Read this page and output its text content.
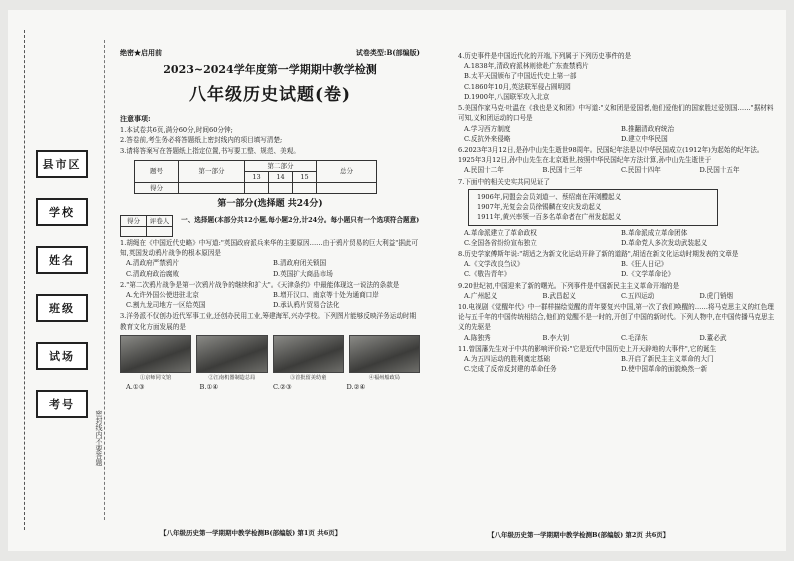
县市区
学校
姓名
班级
试场
考号
密封线内不要答题
绝密★启用前	试卷类型:B(部编版)
2023~2024学年度第一学期期中教学检测
八年级历史试题(卷)
注意事项:
1.本试卷共6页,满分60分,时间60分钟;
2.答卷前,考生务必将答题纸上密封线内的项目填写清楚;
3.请将答案写在答题纸上指定位置,书写要工整、规范、美观。
题号	第一部分	第二部分			总分
		13	14	15	
得分					
第一部分(选择题 共24分)
得分	评卷人
	一、选择题(本部分共12小题,每小题2分,计24分。每小题只有一个选项符合题意)
1.胡绳在《中国近代史略》中写道:"英国政府派兵来华的主要原因……由于鸦片贸易的巨大利益"据此可知,英国发动鸦片战争的根本原因是
A.清政府严禁鸦片	B.清政府闭关锁国
C.清政府政治腐败	D.英国扩大商品市场
2."第二次鸦片战争是第一次鸦片战争的继续和扩大"。《天津条约》中最能体现这一说法的条款是
A.允许外国公使进驻北京	B.增开汉口、南京等十处为通商口岸
C.割九龙司地方一区给英国	D.承认鸦片贸易合法化
3.洋务派不仅创办近代军事工业,还创办民用工业,筹建海军,兴办学校。下列图片能够反映洋务运动时期教育文化方面发展的是
①京师同文馆	②江南机器制造总局	③首批留美幼童	④福州船政局
A.①③	B.①④	C.②③	D.②④
【八年级历史第一学期期中教学检测B(部编版) 第1页 共6页】
4.历史事件是中国近代化的开端,下列属于下列历史事件的是
A.1838年,清政府派林则徐赴广东查禁鸦片
B.太平天国颁布了中国近代史上第一部
C.1860年10月,英法联军侵占圆明园
D.1900年,八国联军攻入北京
5.美国作家马克·吐温在《我也是义和团》中写道:"义和团是爱国者,他们爱他们的国家胜过爱别国……"据材料可知,义和团运动的口号是
A.学习西方制度	B.推翻清政府统治
C.反抗外来侵略	D.建立中华民国
6.2023年3月12日,是孙中山先生逝世98周年。民国纪年法是以中华民国成立(1912年)为起始的纪年法。1925年3月12日,孙中山先生在北京逝世,按照中华民国纪年方法计算,孙中山先生逝世于
A.民国十二年	B.民国十三年	C.民国十四年	D.民国十五年
7.下面中的相关史实共同见证了
1906年,同盟会会员刘道一、蔡绍南在萍浏醴起义
1907年,光复会会员徐锡麟在安庆发动起义
1911年,黄兴率领一百多名革命者在广州发起起义
A.革命派建立了革命政权	B.革命派成立革命团体
C.全国各省纷纷宣布独立	D.革命党人多次发动武装起义
8.历史学家傅斯年说:"胡适之为新文化运动开辟了新的道路",胡适在新文化运动时期发表的文章是
A.《文学改良刍议》	B.《狂人日记》
C.《敬告青年》	D.《文学革命论》
9.20世纪初,中国迎来了新的曙光。下列事件是中国新民主主义革命开端的是
A.广州起义	B.武昌起义	C.五四运动	D.虎门销烟
10.电视剧《觉醒年代》中一群样描绘觉醒的青年要复兴中国,第一次了我们唤醒的……将马克思主义的红色理论与五千年的中国传统相结合,他们的觉醒不是一时的,开创了中国的新时代。下列人物中,在中国传播马克思主义的先驱是
A.陈独秀	B.李大钊	C.毛泽东	D.董必武
11.曾国藩先生对于中共的影响评价说:"它是近代中国历史上开天辟地的大事件",它的诞生
A.为五四运动的胜利奠定基础	B.开启了新民主主义革命的大门
C.完成了反帝反封建的革命任务	D.使中国革命的面貌焕然一新
【八年级历史第一学期期中教学检测B(部编版) 第2页 共6页】
